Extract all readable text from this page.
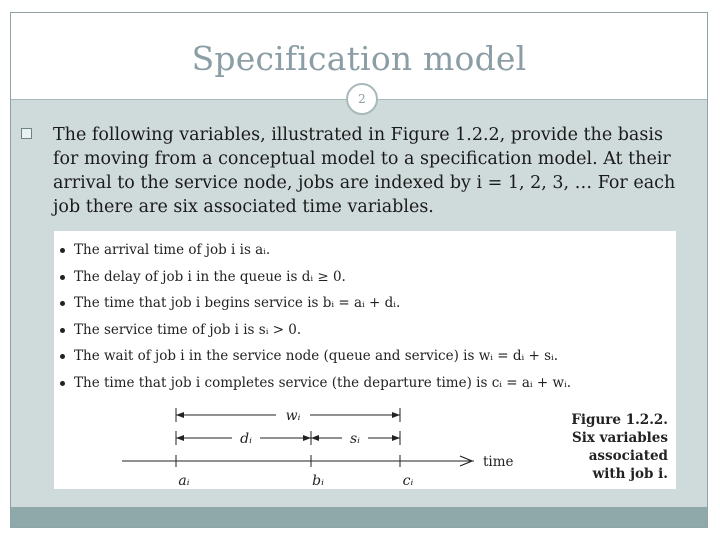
Specification model
2
The following variables, illustrated in Figure 1.2.2, provide the basis for moving from a conceptual model to a specification model. At their arrival to the service node, jobs are indexed by i = 1, 2, 3, … For each job there are six associated time variables.
The arrival time of job i is aᵢ.
The delay of job i in the queue is dᵢ ≥ 0.
The time that job i begins service is bᵢ = aᵢ + dᵢ.
The service time of job i is sᵢ > 0.
The wait of job i in the service node (queue and service) is wᵢ = dᵢ + sᵢ.
The time that job i completes service (the departure time) is cᵢ = aᵢ + wᵢ.
wᵢ
dᵢ	sᵢ
time
aᵢ	bᵢ	cᵢ
Figure 1.2.2.
Six variables
associated
with job i.
